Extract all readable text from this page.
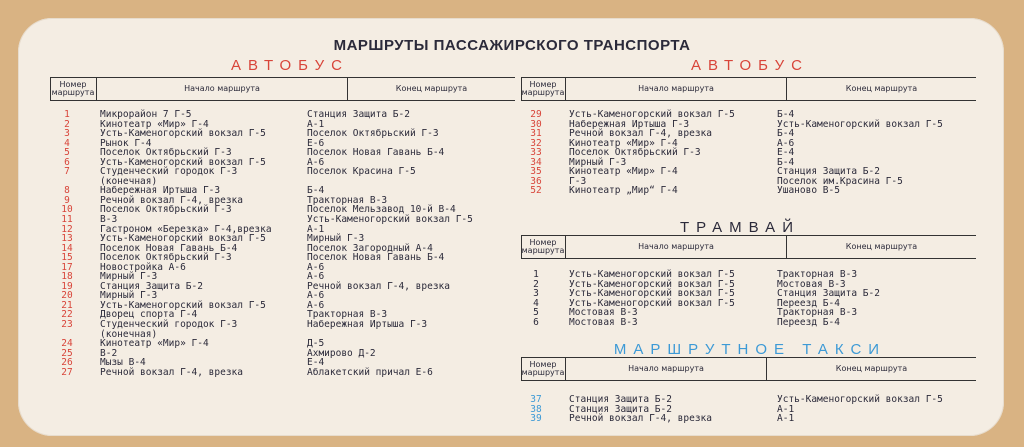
МАРШРУТЫ ПАССАЖИРСКОГО ТРАНСПОРТА
АВТОБУС
Номер
маршрута	Начало маршрута	Конец маршрута
1	Микрорайон 7 Г-5	Станция Защита Б-2
2	Кинотеатр «Мир» Г-4	А-1
3	Усть-Каменогорский вокзал Г-5	Поселок Октябрьский Г-3
4	Рынок Г-4	Е-6
5	Поселок Октябрьский Г-3	Поселок Новая Гавань Б-4
6	Усть-Каменогорский вокзал Г-5	А-6
7	Студенческий городок Г-3	Поселок Красина Г-5
(конечная)
8	Набережная Иртыша Г-3	Б-4
9	Речной вокзал Г-4, врезка	Тракторная В-3
10	Поселок Октябрьский Г-3	Поселок Мельзавод 10-й В-4
11	В-3	Усть-Каменогорский вокзал Г-5
12	Гастроном «Березка» Г-4,врезка	А-1
13	Усть-Каменогорский вокзал Г-5	Мирный Г-3
14	Поселок Новая Гавань Б-4	Поселок Загородный А-4
15	Поселок Октябрьский Г-3	Поселок Новая Гавань Б-4
17	Новостройка А-6	А-6
18	Мирный Г-3	А-6
19	Станция Защита Б-2	Речной вокзал Г-4, врезка
20	Мирный Г-3	А-6
21	Усть-Каменогорский вокзал Г-5	А-6
22	Дворец спорта Г-4	Тракторная В-3
23	Студенческий городок Г-3	Набережная Иртыша Г-3
(конечная)
24	Кинотеатр «Мир» Г-4	Д-5
25	В-2	Ахмирово Д-2
26	Мызы В-4	Е-4
27	Речной вокзал Г-4, врезка	Аблакетский причал Е-6
АВТОБУС
Номер
маршрута	Начало маршрута	Конец маршрута
29	Усть-Каменогорский вокзал Г-5	Б-4
30	Набережная Иртыша Г-3	Усть-Каменогорский вокзал Г-5
31	Речной вокзал Г-4, врезка	Б-4
32	Кинотеатр «Мир» Г-4	А-6
33	Поселок Октябрьский Г-3	Е-4
34	Мирный Г-3	Б-4
35	Кинотеатр «Мир» Г-4	Станция Защита Б-2
36	Г-3	Поселок им.Красина Г-5
52	Кинотеатр „Мир“ Г-4	Ушаново В-5
ТРАМВАЙ
Номер
маршрута	Начало маршрута	Конец маршрута
1	Усть-Каменогорский вокзал Г-5	Тракторная В-3
2	Усть-Каменогорский вокзал Г-5	Мостовая В-3
3	Усть-Каменогорский вокзал Г-5	Станция Защита Б-2
4	Усть-Каменогорский вокзал Г-5	Переезд Б-4
5	Мостовая В-3	Тракторная В-3
6	Мостовая В-3	Переезд Б-4
МАРШРУТНОЕ ТАКСИ
Номер
маршрута	Начало маршрута	Конец маршрута
37	Станция Защита Б-2	Усть-Каменогорский вокзал Г-5
38	Станция Защита Б-2	А-1
39	Речной вокзал Г-4, врезка	А-1
